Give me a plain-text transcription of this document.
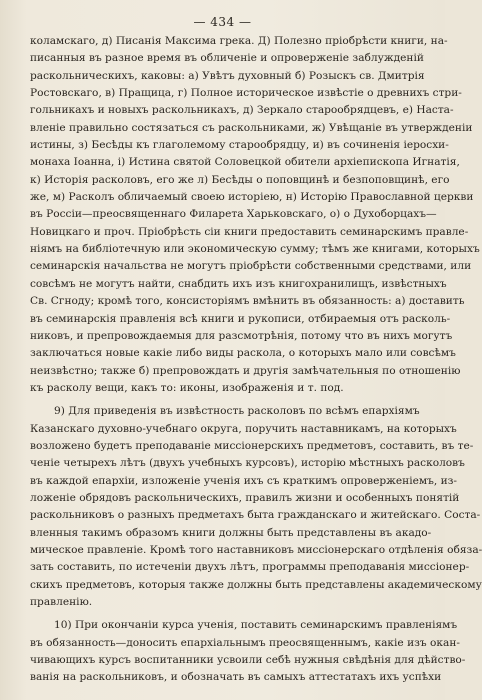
— 434 —

коламскаго, д) Писанія Максима грека. Д) Полезно пріобрѣсти книги, на-

писанныя въ разное время въ обличеніе и опроверженіе заблужденій

раскольническихъ, каковы: а) Увѣтъ духовный б) Розыскъ св. Дмитрія

Ростовскаго, в) Пращица, г) Полное историческое извѣстіе о древнихъ стри-

гольникахъ и новыхъ раскольникахъ, д) Зеркало старообрядцевъ, е) Наста-

вленіе правильно состязаться съ раскольниками, ж) Увѣщаніе въ утвержденіи

истины, з) Бесѣды къ глаголемому старообрядцу, и) въ сочиненія іеросхи-

монаха Іоанна, і) Истина святой Соловецкой обители архіепископа Игнатія,

к) Исторія расколовъ, его же л) Бесѣды о поповщинѣ и безпоповщинѣ, его

же, м) Расколъ обличаемый своею исторіею, н) Исторію Православной церкви

въ Россіи—преосвященнаго Филарета Харьковскаго, о) о Духоборцахъ—

Новицкаго и проч. Пріобрѣсть сіи книги предоставить семинарскимъ правле-

ніямъ на библіотечную или экономическую сумму; тѣмъ же книгами, которыхъ

семинарскія начальства не могутъ пріобрѣсти собственными средствами, или

совсѣмъ не могутъ найти, снабдить ихъ изъ книгохранилищъ, извѣстныхъ

Св. Сгноду; кромѣ того, консисторіямъ вмѣнить въ обязанность: а) доставить

въ семинарскія правленія всѣ книги и рукописи, отбираемыя отъ расколь-

никовъ, и препровождаемыя для разсмотрѣнія, потому что въ нихъ могутъ

заключаться новые какіе либо виды раскола, о которыхъ мало или совсѣмъ

неизвѣстно; также б) препровождать и другія замѣчательныя по отношенію

къ расколу вещи, какъ то: иконы, изображенія и т. под.

9) Для приведенія въ извѣстность расколовъ по всѣмъ епархіямъ

Казанскаго духовно-учебнаго округа, поручить наставникамъ, на которыхъ

возложено будетъ преподаваніе миссіонерскихъ предметовъ, составить, въ те-

ченіе четырехъ лѣтъ (двухъ учебныхъ курсовъ), исторію мѣстныхъ расколовъ

въ каждой епархіи, изложеніе ученія ихъ съ краткимъ опроверженіемъ, из-

ложеніе обрядовъ раскольническихъ, правилъ жизни и особенныхъ понятій

раскольниковъ о разныхъ предметахъ быта гражданскаго и житейскаго. Соста-

вленныя такимъ образомъ книги должны быть представлены въ акадо-

мическое правленіе. Кромѣ того наставниковъ миссіонерскаго отдѣленія обяза-

зать составить, по истеченіи двухъ лѣтъ, программы преподаванія миссіонер-

скихъ предметовъ, которыя также должны быть представлены академическому

правленію.

10) При окончаніи курса ученія, поставить семинарскимъ правленіямъ

въ обязанность—доносить епархіальнымъ преосвященнымъ, какіе изъ окан-

чивающихъ курсъ воспитанники усвоили себѣ нужныя свѣдѣнія для дѣйство-

ванія на раскольниковъ, и обозначать въ самыхъ аттестатахъ ихъ успѣхи
